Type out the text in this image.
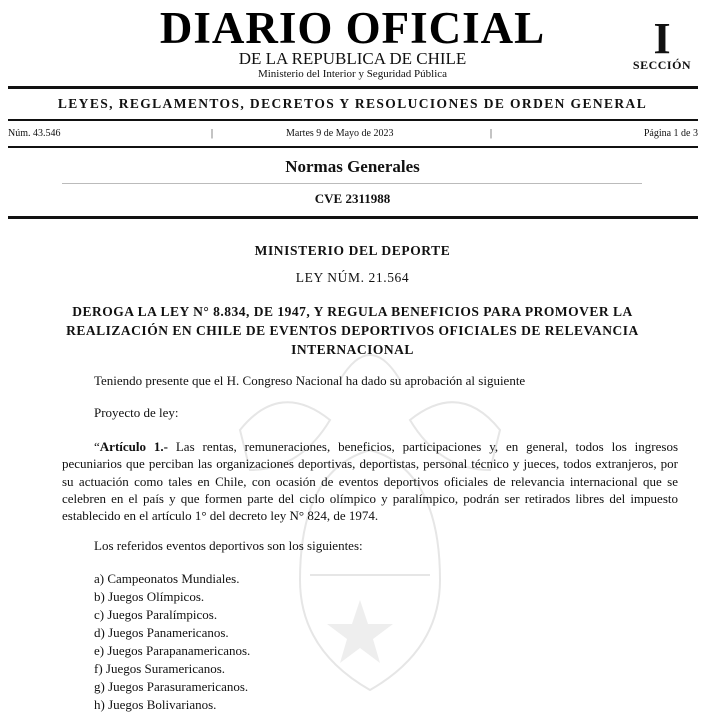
DIARIO OFICIAL
DE LA REPUBLICA DE CHILE
Ministerio del Interior y Seguridad Pública
I
SECCIÓN
LEYES, REGLAMENTOS, DECRETOS Y RESOLUCIONES DE ORDEN GENERAL
Núm. 43.546	|	Martes 9 de Mayo de 2023	|	Página 1 de 3
Normas Generales
CVE 2311988
MINISTERIO DEL DEPORTE
LEY NÚM. 21.564
DEROGA LA LEY N° 8.834, DE 1947, Y REGULA BENEFICIOS PARA PROMOVER LA REALIZACIÓN EN CHILE DE EVENTOS DEPORTIVOS OFICIALES DE RELEVANCIA INTERNACIONAL
Teniendo presente que el H. Congreso Nacional ha dado su aprobación al siguiente
Proyecto de ley:
“Artículo 1.- Las rentas, remuneraciones, beneficios, participaciones y, en general, todos los ingresos pecuniarios que perciban las organizaciones deportivas, deportistas, personal técnico y jueces, todos extranjeros, por su actuación como tales en Chile, con ocasión de eventos deportivos oficiales de relevancia internacional que se celebren en el país y que formen parte del ciclo olímpico y paralímpico, podrán ser retirados libres del impuesto establecido en el artículo 1° del decreto ley N° 824, de 1974.
Los referidos eventos deportivos son los siguientes:
a) Campeonatos Mundiales.
b) Juegos Olímpicos.
c) Juegos Paralímpicos.
d) Juegos Panamericanos.
e) Juegos Parapanamericanos.
f) Juegos Suramericanos.
g) Juegos Parasuramericanos.
h) Juegos Bolivarianos.
